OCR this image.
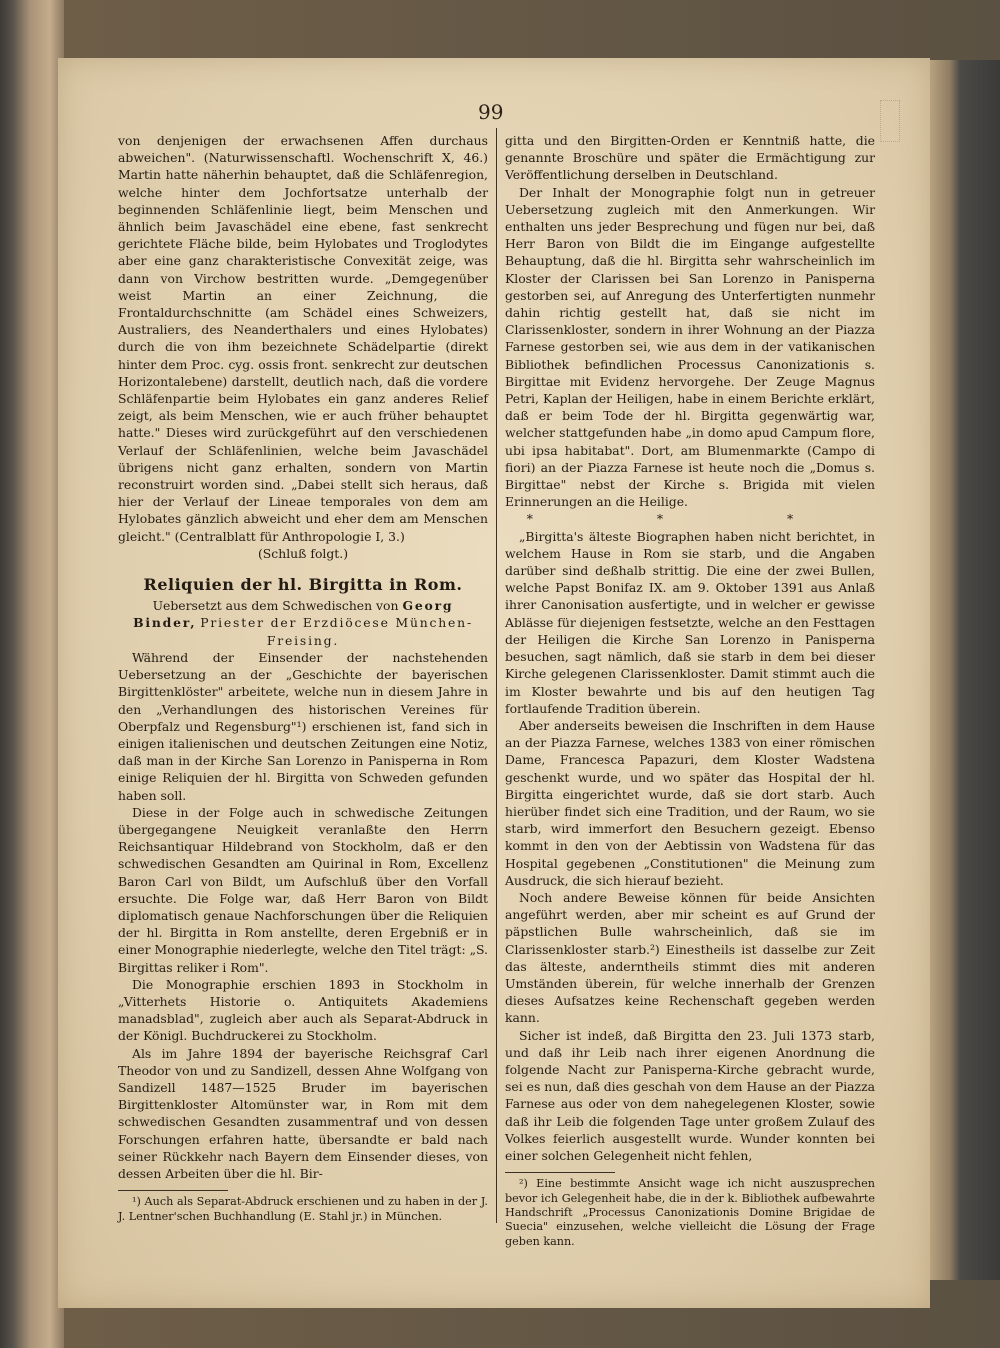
99

von denjenigen der erwachsenen Affen durchaus abweichen". (Naturwissenschaftl. Wochenschrift X, 46.) Martin hatte näherhin behauptet, daß die Schläfenregion, welche hinter dem Jochfortsatze unterhalb der beginnenden Schläfenlinie liegt, beim Menschen und ähnlich beim Javaschädel eine ebene, fast senkrecht gerichtete Fläche bilde, beim Hylobates und Troglodytes aber eine ganz charakteristische Convexität zeige, was dann von Virchow bestritten wurde. „Demgegenüber weist Martin an einer Zeichnung, die Frontaldurchschnitte (am Schädel eines Schweizers, Australiers, des Neanderthalers und eines Hylobates) durch die von ihm bezeichnete Schädelpartie (direkt hinter dem Proc. cyg. ossis front. senkrecht zur deutschen Horizontalebene) darstellt, deutlich nach, daß die vordere Schläfenpartie beim Hylobates ein ganz anderes Relief zeigt, als beim Menschen, wie er auch früher behauptet hatte." Dieses wird zurückgeführt auf den verschiedenen Verlauf der Schläfenlinien, welche beim Javaschädel übrigens nicht ganz erhalten, sondern von Martin reconstruirt worden sind. „Dabei stellt sich heraus, daß hier der Verlauf der Lineae temporales von dem am Hylobates gänzlich abweicht und eher dem am Menschen gleicht." (Centralblatt für Anthropologie I, 3.)

(Schluß folgt.)

Reliquien der hl. Birgitta in Rom.

Uebersetzt aus dem Schwedischen von Georg Binder, Priester der Erzdiöcese München-Freising.

Während der Einsender der nachstehenden Uebersetzung an der „Geschichte der bayerischen Birgittenklöster" arbeitete, welche nun in diesem Jahre in den „Verhandlungen des historischen Vereines für Oberpfalz und Regensburg"¹) erschienen ist, fand sich in einigen italienischen und deutschen Zeitungen eine Notiz, daß man in der Kirche San Lorenzo in Panisperna in Rom einige Reliquien der hl. Birgitta von Schweden gefunden haben soll.

Diese in der Folge auch in schwedische Zeitungen übergegangene Neuigkeit veranlaßte den Herrn Reichsantiquar Hildebrand von Stockholm, daß er den schwedischen Gesandten am Quirinal in Rom, Excellenz Baron Carl von Bildt, um Aufschluß über den Vorfall ersuchte. Die Folge war, daß Herr Baron von Bildt diplomatisch genaue Nachforschungen über die Reliquien der hl. Birgitta in Rom anstellte, deren Ergebniß er in einer Monographie niederlegte, welche den Titel trägt: „S. Birgittas reliker i Rom".

Die Monographie erschien 1893 in Stockholm in „Vitterhets Historie o. Antiquitets Akademiens manadsblad", zugleich aber auch als Separat-Abdruck in der Königl. Buchdruckerei zu Stockholm.

Als im Jahre 1894 der bayerische Reichsgraf Carl Theodor von und zu Sandizell, dessen Ahne Wolfgang von Sandizell 1487—1525 Bruder im bayerischen Birgittenkloster Altomünster war, in Rom mit dem schwedischen Gesandten zusammentraf und von dessen Forschungen erfahren hatte, übersandte er bald nach seiner Rückkehr nach Bayern dem Einsender dieses, von dessen Arbeiten über die hl. Bir-

¹) Auch als Separat-Abdruck erschienen und zu haben in der J. J. Lentner'schen Buchhandlung (E. Stahl jr.) in München.

gitta und den Birgitten-Orden er Kenntniß hatte, die genannte Broschüre und später die Ermächtigung zur Veröffentlichung derselben in Deutschland.

Der Inhalt der Monographie folgt nun in getreuer Uebersetzung zugleich mit den Anmerkungen. Wir enthalten uns jeder Besprechung und fügen nur bei, daß Herr Baron von Bildt die im Eingange aufgestellte Behauptung, daß die hl. Birgitta sehr wahrscheinlich im Kloster der Clarissen bei San Lorenzo in Panisperna gestorben sei, auf Anregung des Unterfertigten nunmehr dahin richtig gestellt hat, daß sie nicht im Clarissenkloster, sondern in ihrer Wohnung an der Piazza Farnese gestorben sei, wie aus dem in der vatikanischen Bibliothek befindlichen Processus Canonizationis s. Birgittae mit Evidenz hervorgehe. Der Zeuge Magnus Petri, Kaplan der Heiligen, habe in einem Berichte erklärt, daß er beim Tode der hl. Birgitta gegenwärtig war, welcher stattgefunden habe „in domo apud Campum flore, ubi ipsa habitabat". Dort, am Blumenmarkte (Campo di fiori) an der Piazza Farnese ist heute noch die „Domus s. Birgittae" nebst der Kirche s. Brigida mit vielen Erinnerungen an die Heilige.

* * *

„Birgitta's älteste Biographen haben nicht berichtet, in welchem Hause in Rom sie starb, und die Angaben darüber sind deßhalb strittig. Die eine der zwei Bullen, welche Papst Bonifaz IX. am 9. Oktober 1391 aus Anlaß ihrer Canonisation ausfertigte, und in welcher er gewisse Ablässe für diejenigen festsetzte, welche an den Festtagen der Heiligen die Kirche San Lorenzo in Panisperna besuchen, sagt nämlich, daß sie starb in dem bei dieser Kirche gelegenen Clarissenkloster. Damit stimmt auch die im Kloster bewahrte und bis auf den heutigen Tag fortlaufende Tradition überein.

Aber anderseits beweisen die Inschriften in dem Hause an der Piazza Farnese, welches 1383 von einer römischen Dame, Francesca Papazuri, dem Kloster Wadstena geschenkt wurde, und wo später das Hospital der hl. Birgitta eingerichtet wurde, daß sie dort starb. Auch hierüber findet sich eine Tradition, und der Raum, wo sie starb, wird immerfort den Besuchern gezeigt. Ebenso kommt in den von der Aebtissin von Wadstena für das Hospital gegebenen „Constitutionen" die Meinung zum Ausdruck, die sich hierauf bezieht.

Noch andere Beweise können für beide Ansichten angeführt werden, aber mir scheint es auf Grund der päpstlichen Bulle wahrscheinlich, daß sie im Clarissenkloster starb.²) Einestheils ist dasselbe zur Zeit das älteste, anderntheils stimmt dies mit anderen Umständen überein, für welche innerhalb der Grenzen dieses Aufsatzes keine Rechenschaft gegeben werden kann.

Sicher ist indeß, daß Birgitta den 23. Juli 1373 starb, und daß ihr Leib nach ihrer eigenen Anordnung die folgende Nacht zur Panisperna-Kirche gebracht wurde, sei es nun, daß dies geschah von dem Hause an der Piazza Farnese aus oder von dem nahegelegenen Kloster, sowie daß ihr Leib die folgenden Tage unter großem Zulauf des Volkes feierlich ausgestellt wurde. Wunder konnten bei einer solchen Gelegenheit nicht fehlen,

²) Eine bestimmte Ansicht wage ich nicht auszusprechen bevor ich Gelegenheit habe, die in der k. Bibliothek aufbewahrte Handschrift „Processus Canonizationis Domine Brigidae de Suecia" einzusehen, welche vielleicht die Lösung der Frage geben kann.
